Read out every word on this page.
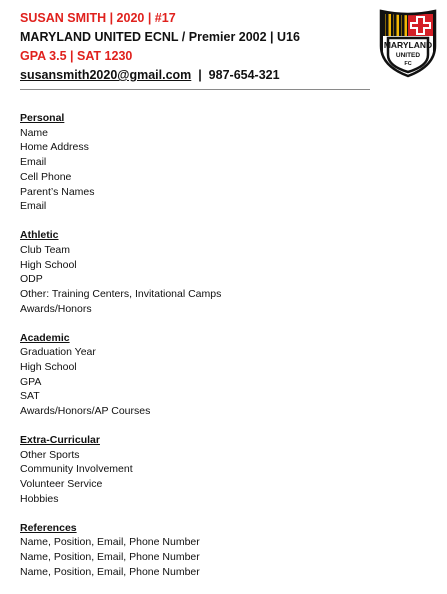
SUSAN SMITH | 2020 | #17
MARYLAND UNITED ECNL / Premier 2002 | U16
GPA 3.5 | SAT 1230
susansmith2020@gmail.com  |  987-654-321
MARYLAND
UNITED
FC
Personal
Name
Home Address
Email
Cell Phone
Parent’s Names
Email
Athletic
Club Team
High School
ODP
Other: Training Centers, Invitational Camps
Awards/Honors
Academic
Graduation Year
High School
GPA
SAT
Awards/Honors/AP Courses
Extra-Curricular
Other Sports
Community Involvement
Volunteer Service
Hobbies
References
Name, Position, Email, Phone Number
Name, Position, Email, Phone Number
Name, Position, Email, Phone Number
